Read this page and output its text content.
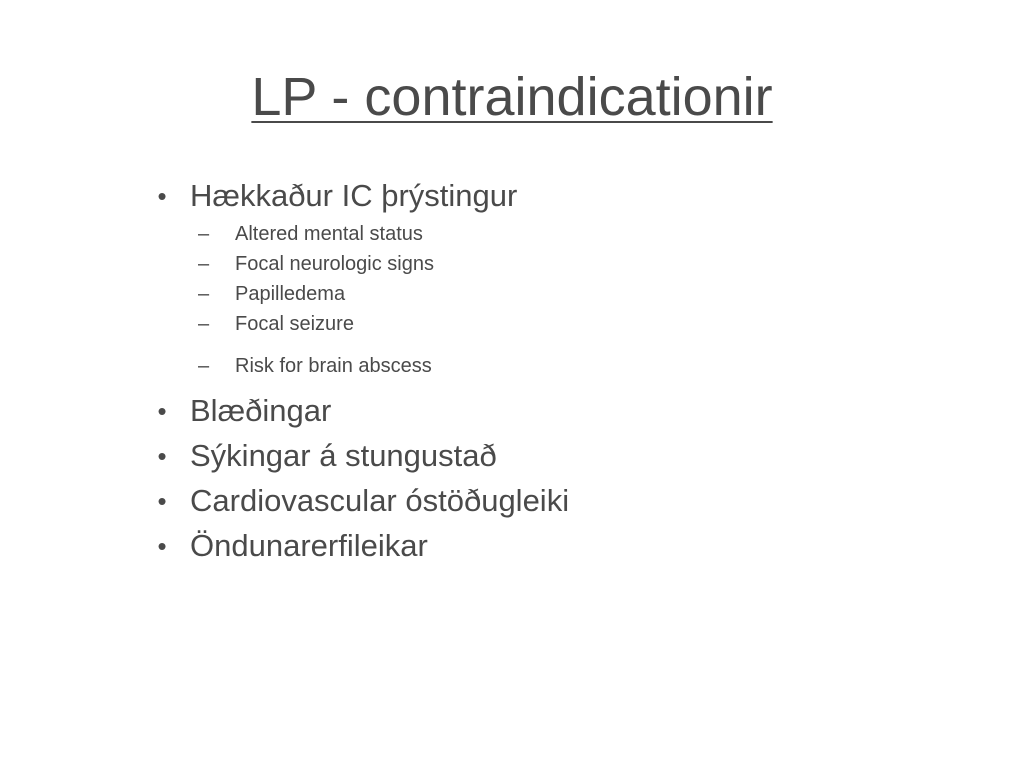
LP - contraindicationir
• Hækkaður IC þrýstingur
– Altered mental status
– Focal neurologic signs
– Papilledema
– Focal seizure
– Risk for brain abscess
• Blæðingar
• Sýkingar á stungustað
• Cardiovascular óstöðugleiki
• Öndunarerfileikar
